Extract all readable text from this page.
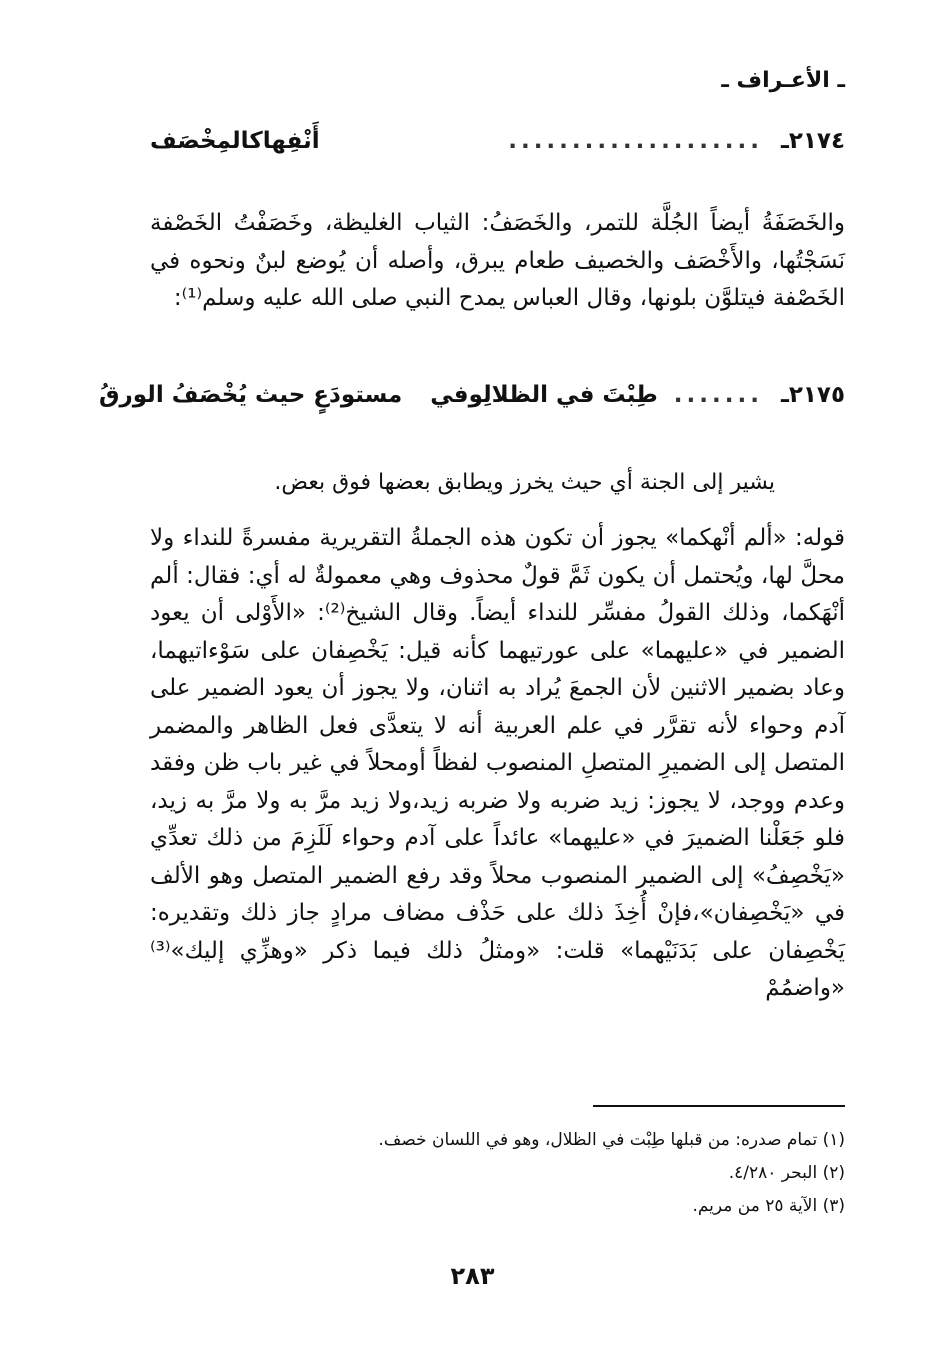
ـ الأعـراف ـ
٢١٧٤ـ
....................
أَنْفِهاكالمِخْصَف

والخَصَفَةُ أيضاً الجُلَّة للتمر، والخَصَفُ: الثياب الغليظة، وخَصَفْتُ الخَصْفة نَسَجْتُها، والأَخْصَف والخصيف طعام يبرق، وأصله أن يُوضع لبنٌ ونحوه في الخَصْفة فيتلوَّن بلونها، وقال العباس يمدح النبي صلى الله عليه وسلم⁽¹⁾:

٢١٧٥ـ
.......
طِبْتَ في الظلالِوفي
مستودَعٍ حيث يُخْصَفُ الورقُ

يشير إلى الجنة أي حيث يخرز ويطابق بعضها فوق بعض.

قوله: «ألم أنْهكما» يجوز أن تكون هذه الجملةُ التقريرية مفسرةً للنداء ولا محلَّ لها، ويُحتمل أن يكون ثَمَّ قولٌ محذوف وهي معمولةٌ له أي: فقال: ألم أنْهَكما، وذلك القولُ مفسِّر للنداء أيضاً. وقال الشيخ⁽²⁾: «الأَوْلى أن يعود الضمير في «عليهما» على عورتيهما كأنه قيل: يَخْصِفان على سَوْءاتيهما، وعاد بضمير الاثنين لأن الجمعَ يُراد به اثنان، ولا يجوز أن يعود الضمير على آدم وحواء لأنه تقرَّر في علم العربية أنه لا يتعدَّى فعل الظاهر والمضمر المتصل إلى الضميرِ المتصلِ المنصوب لفظاً أومحلاً في غير باب ظن وفقد وعدم ووجد، لا يجوز: زيد ضربه ولا ضربه زيد،ولا زيد مرَّ به ولا مرَّ به زيد، فلو جَعَلْنا الضميرَ في «عليهما» عائداً على آدم وحواء لَلَزِمَ من ذلك تعدِّي «يَخْصِفُ» إلى الضمير المنصوب محلاً وقد رفع الضمير المتصل وهو الألف في «يَخْصِفان»،فإنْ أُخِذَ ذلك على حَذْف مضاف مرادٍ جاز ذلك وتقديره: يَخْصِفان على بَدَنَيْهما» قلت: «ومثلُ ذلك فيما ذكر «وهزِّي إليك»⁽³⁾ «واضمُمْ

(١) تمام صدره: من قبلها طِبْت في الظلال، وهو في اللسان خصف.
(٢) البحر ٤/٢٨٠.
(٣) الآية ٢٥ من مريم.
٢٨٣
